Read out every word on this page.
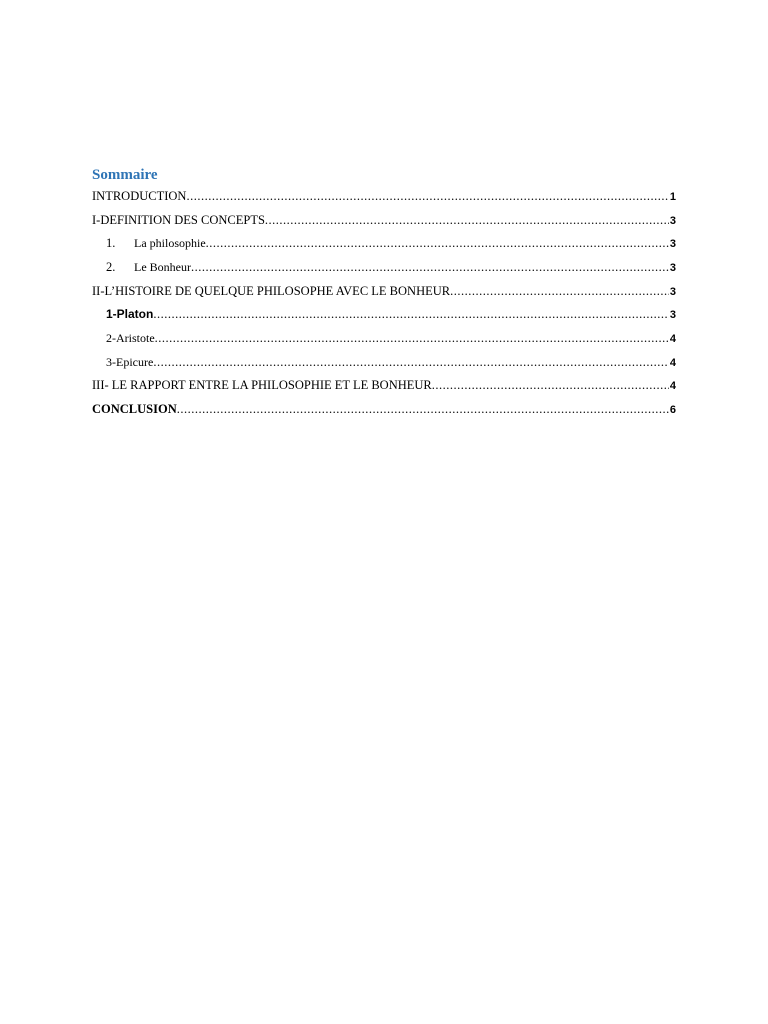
Sommaire
INTRODUCTION .....	1
I-DEFINITION DES CONCEPTS .....	3
1.	La philosophie .....	3
2.	Le Bonheur .....	3
II-L’HISTOIRE DE QUELQUE PHILOSOPHE AVEC LE BONHEUR .....	3
1-Platon .....	3
2-Aristote .....	4
3-Epicure .....	4
III- LE RAPPORT ENTRE LA PHILOSOPHIE ET LE BONHEUR .....	4
CONCLUSION .....	6
